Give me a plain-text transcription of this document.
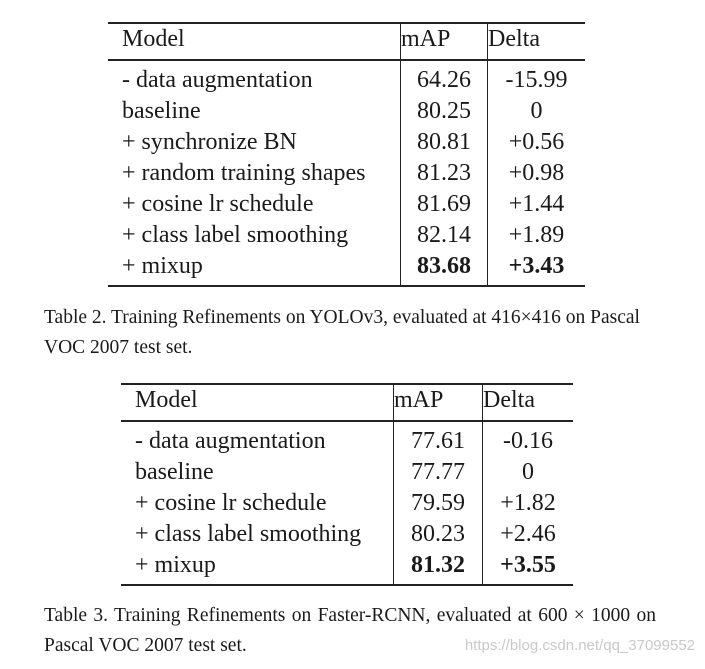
Model	mAP	Delta
- data augmentation	64.26	-15.99
baseline	80.25	0
+ synchronize BN	80.81	+0.56
+ random training shapes	81.23	+0.98
+ cosine lr schedule	81.69	+1.44
+ class label smoothing	82.14	+1.89
+ mixup	83.68	+3.43
Table 2. Training Refinements on YOLOv3, evaluated at 416×416 on Pascal VOC 2007 test set.
Model	mAP	Delta
- data augmentation	77.61	-0.16
baseline	77.77	0
+ cosine lr schedule	79.59	+1.82
+ class label smoothing	80.23	+2.46
+ mixup	81.32	+3.55
Table 3. Training Refinements on Faster-RCNN, evaluated at 600 × 1000 on Pascal VOC 2007 test set.	https://blog.csdn.net/qq_37099552
